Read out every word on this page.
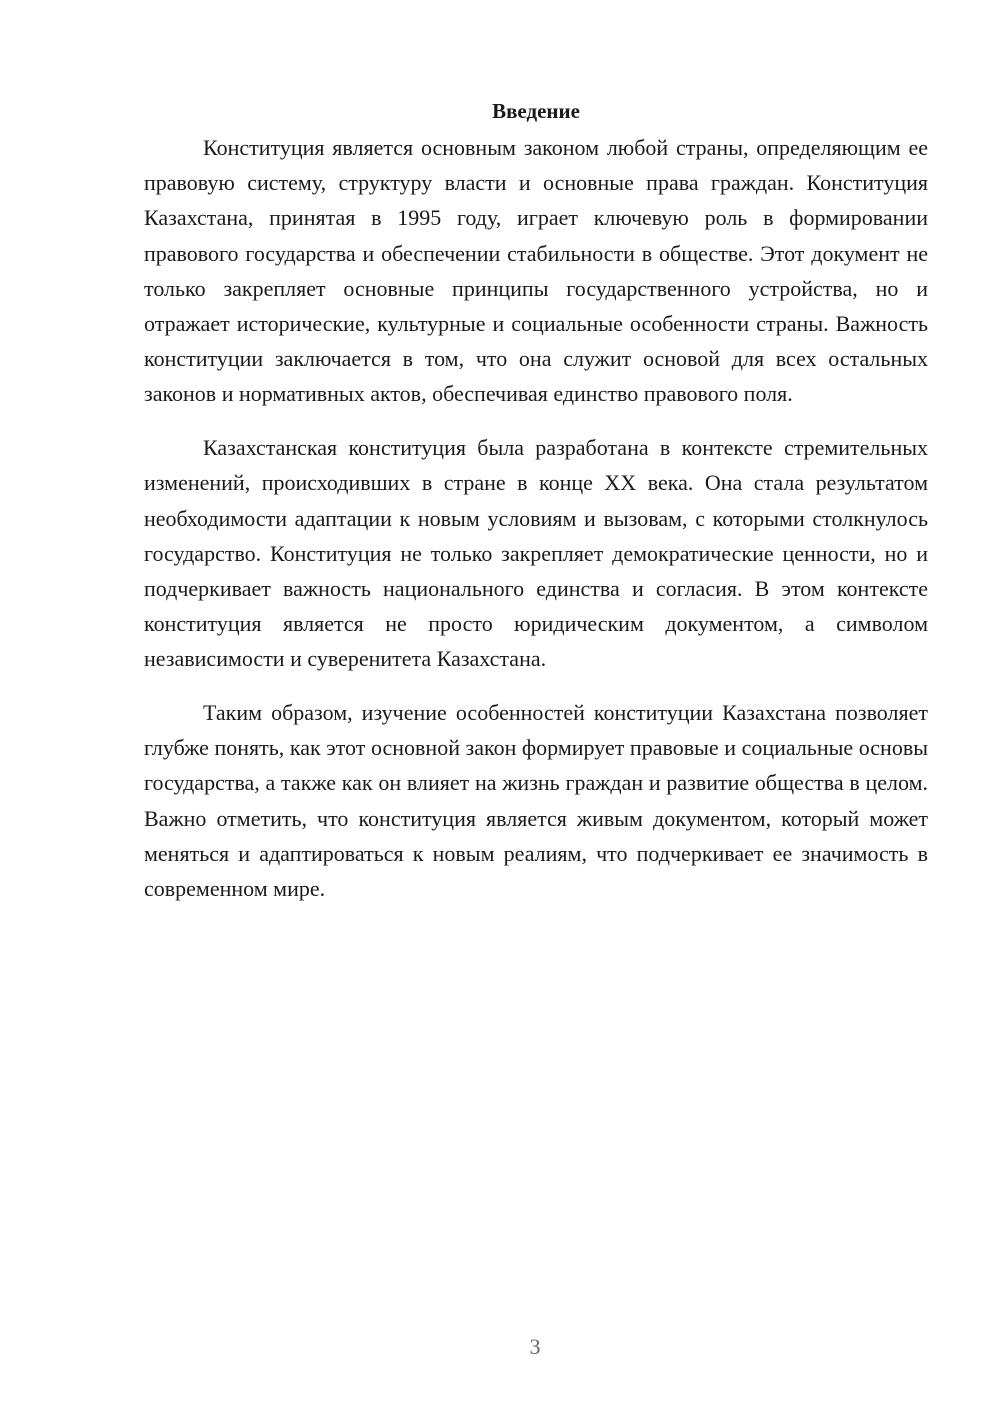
Введение

Конституция является основным законом любой страны, определяющим ее правовую систему, структуру власти и основные права граждан. Конституция Казахстана, принятая в 1995 году, играет ключевую роль в формировании правового государства и обеспечении стабильности в обществе. Этот документ не только закрепляет основные принципы государственного устройства, но и отражает исторические, культурные и социальные особенности страны. Важность конституции заключается в том, что она служит основой для всех остальных законов и нормативных актов, обеспечивая единство правового поля.

Казахстанская конституция была разработана в контексте стремительных изменений, происходивших в стране в конце XX века. Она стала результатом необходимости адаптации к новым условиям и вызовам, с которыми столкнулось государство. Конституция не только закрепляет демократические ценности, но и подчеркивает важность национального единства и согласия. В этом контексте конституция является не просто юридическим документом, а символом независимости и суверенитета Казахстана.

Таким образом, изучение особенностей конституции Казахстана позволяет глубже понять, как этот основной закон формирует правовые и социальные основы государства, а также как он влияет на жизнь граждан и развитие общества в целом. Важно отметить, что конституция является живым документом, который может меняться и адаптироваться к новым реалиям, что подчеркивает ее значимость в современном мире.

3
